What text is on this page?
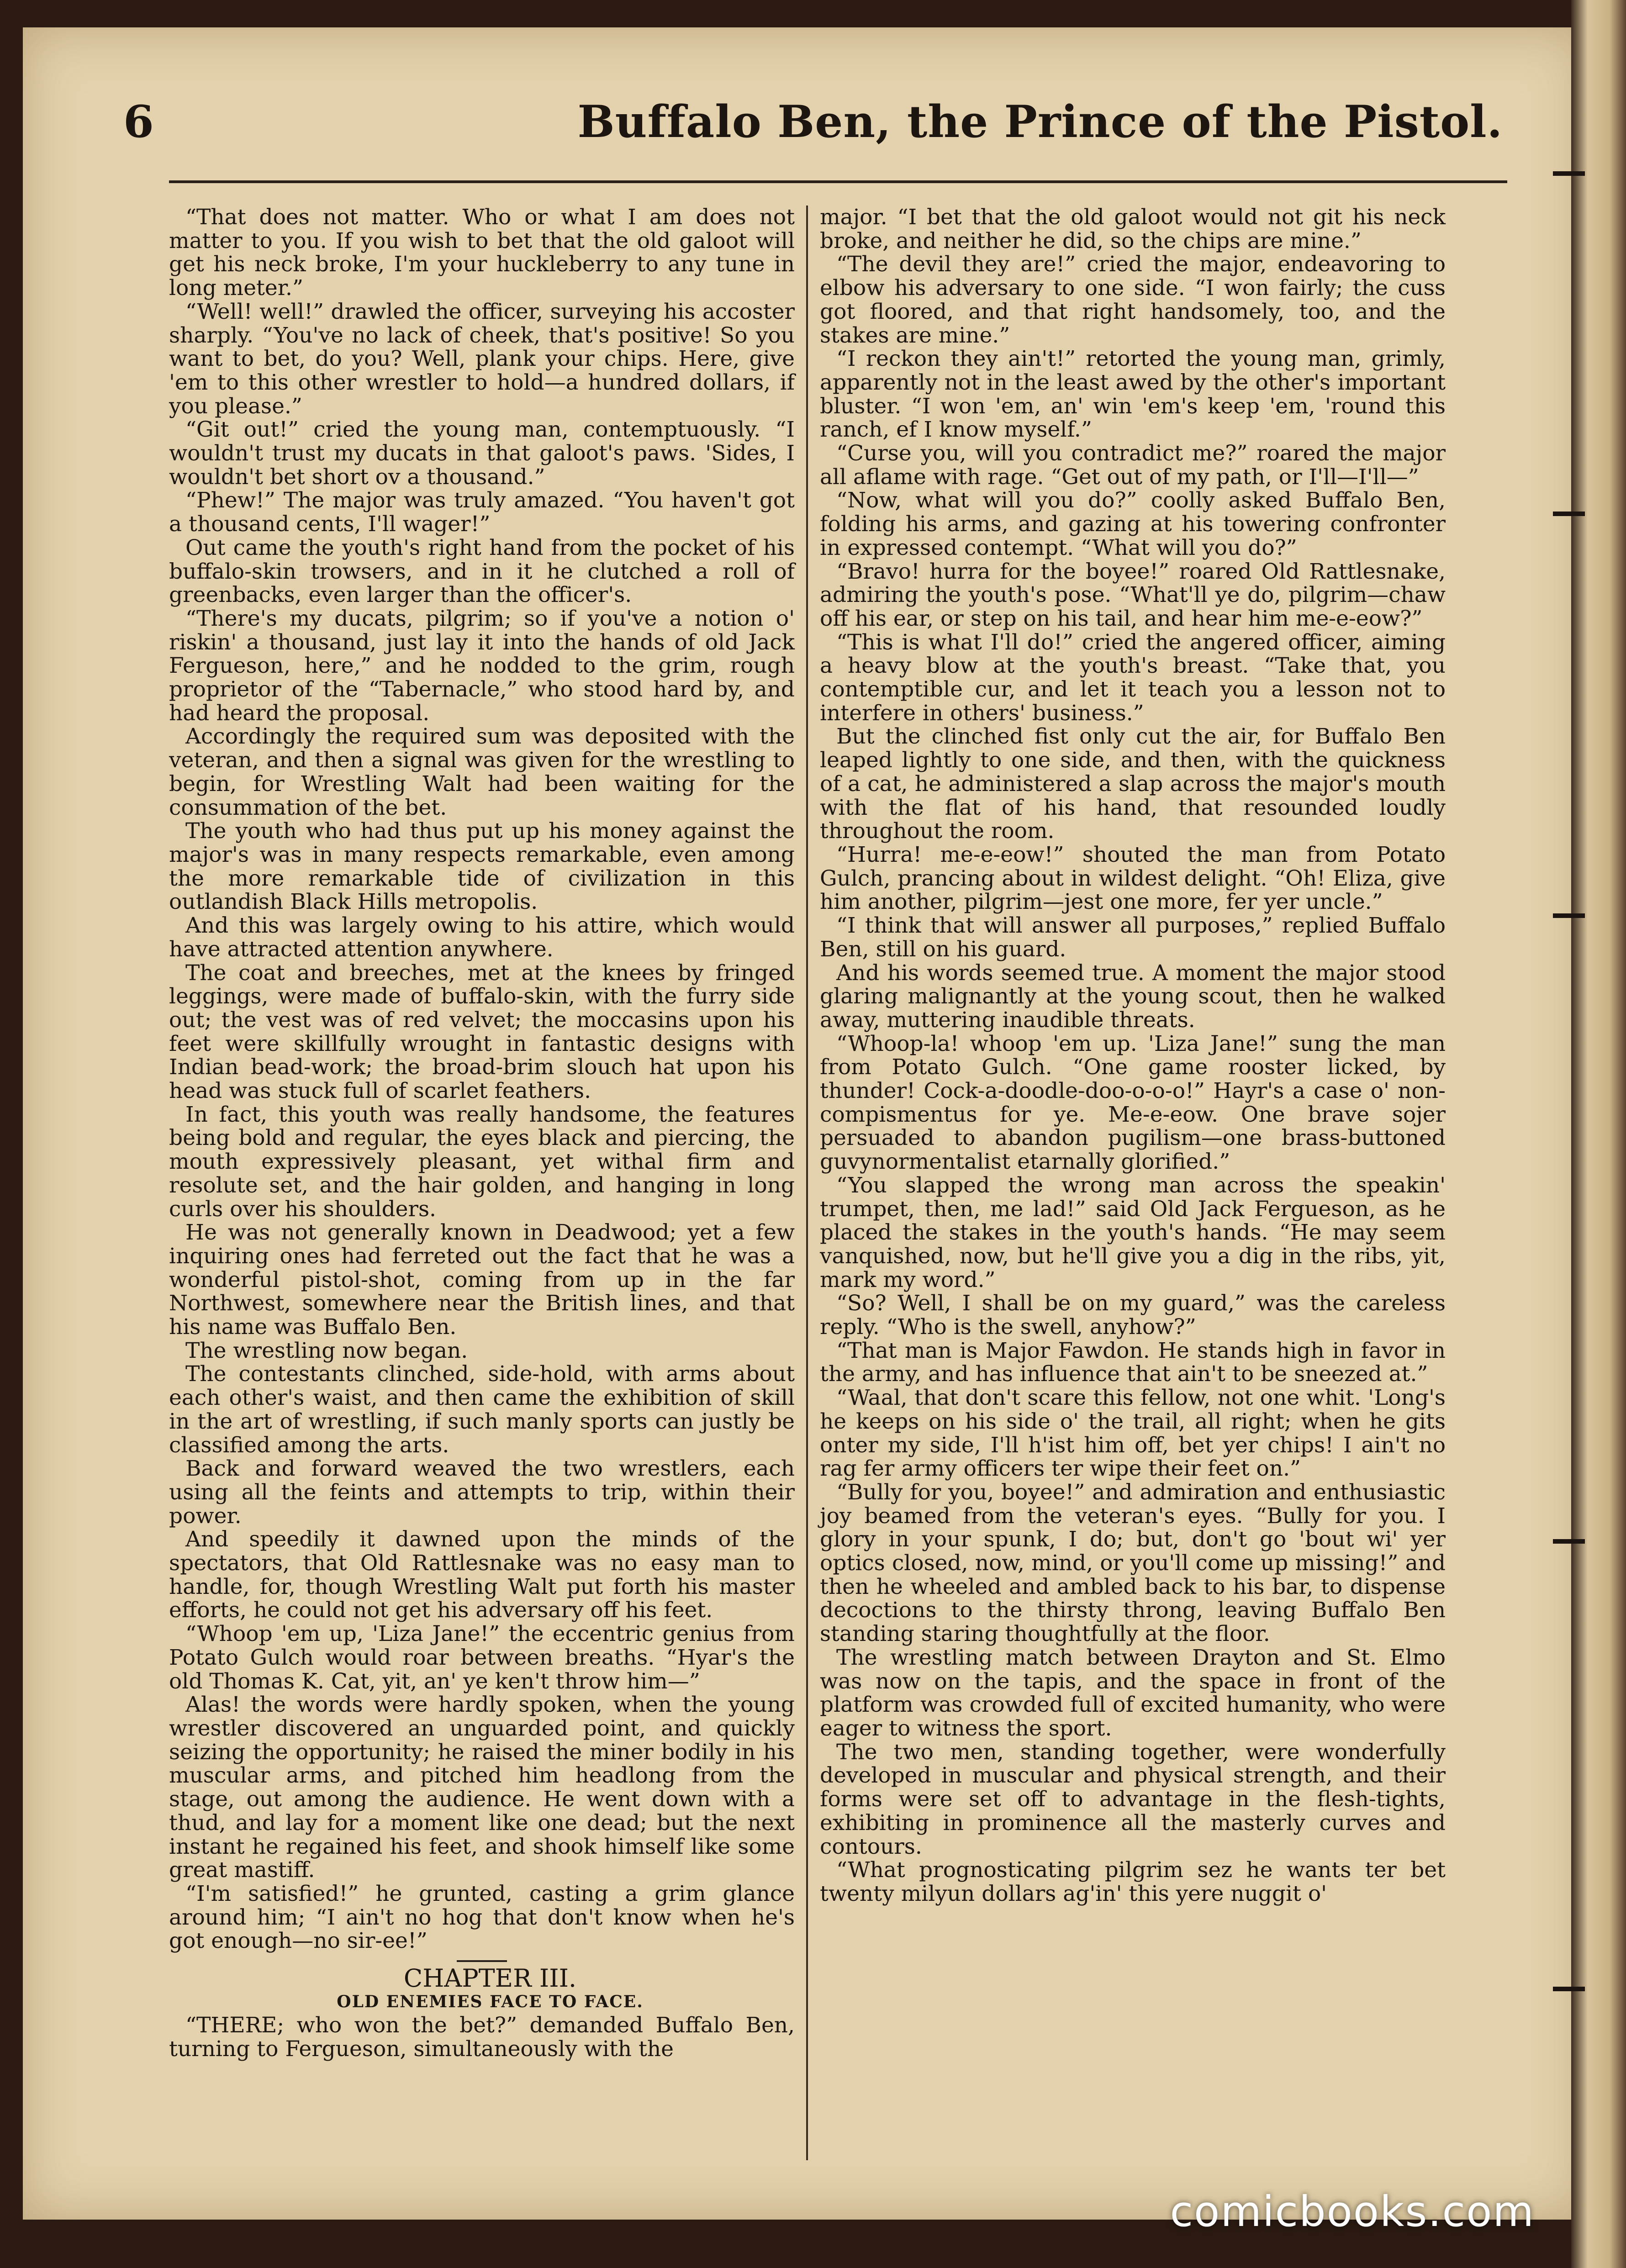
6	Buffalo Ben, the Prince of the Pistol.

“That does not matter. Who or what I am does not matter to you. If you wish to bet that the old galoot will get his neck broke, I'm your huckleberry to any tune in long meter.”

“Well! well!” drawled the officer, surveying his accoster sharply. “You've no lack of cheek, that's positive! So you want to bet, do you? Well, plank your chips. Here, give 'em to this other wrestler to hold—a hundred dollars, if you please.”

“Git out!” cried the young man, contemptuously. “I wouldn't trust my ducats in that galoot's paws. 'Sides, I wouldn't bet short ov a thousand.”

“Phew!” The major was truly amazed. “You haven't got a thousand cents, I'll wager!”

Out came the youth's right hand from the pocket of his buffalo-skin trowsers, and in it he clutched a roll of greenbacks, even larger than the officer's.

“There's my ducats, pilgrim; so if you've a notion o' riskin' a thousand, just lay it into the hands of old Jack Fergueson, here,” and he nodded to the grim, rough proprietor of the “Tabernacle,” who stood hard by, and had heard the proposal.

Accordingly the required sum was deposited with the veteran, and then a signal was given for the wrestling to begin, for Wrestling Walt had been waiting for the consummation of the bet.

The youth who had thus put up his money against the major's was in many respects remarkable, even among the more remarkable tide of civilization in this outlandish Black Hills metropolis.

And this was largely owing to his attire, which would have attracted attention anywhere.

The coat and breeches, met at the knees by fringed leggings, were made of buffalo-skin, with the furry side out; the vest was of red velvet; the moccasins upon his feet were skillfully wrought in fantastic designs with Indian bead-work; the broad-brim slouch hat upon his head was stuck full of scarlet feathers.

In fact, this youth was really handsome, the features being bold and regular, the eyes black and piercing, the mouth expressively pleasant, yet withal firm and resolute set, and the hair golden, and hanging in long curls over his shoulders.

He was not generally known in Deadwood; yet a few inquiring ones had ferreted out the fact that he was a wonderful pistol-shot, coming from up in the far Northwest, somewhere near the British lines, and that his name was Buffalo Ben.

The wrestling now began.

The contestants clinched, side-hold, with arms about each other's waist, and then came the exhibition of skill in the art of wrestling, if such manly sports can justly be classified among the arts.

Back and forward weaved the two wrestlers, each using all the feints and attempts to trip, within their power.

And speedily it dawned upon the minds of the spectators, that Old Rattlesnake was no easy man to handle, for, though Wrestling Walt put forth his master efforts, he could not get his adversary off his feet.

“Whoop 'em up, 'Liza Jane!” the eccentric genius from Potato Gulch would roar between breaths. “Hyar's the old Thomas K. Cat, yit, an' ye ken't throw him—”

Alas! the words were hardly spoken, when the young wrestler discovered an unguarded point, and quickly seizing the opportunity; he raised the miner bodily in his muscular arms, and pitched him headlong from the stage, out among the audience. He went down with a thud, and lay for a moment like one dead; but the next instant he regained his feet, and shook himself like some great mastiff.

“I'm satisfied!” he grunted, casting a grim glance around him; “I ain't no hog that don't know when he's got enough—no sir-ee!”

CHAPTER III.

OLD ENEMIES FACE TO FACE.

“THERE; who won the bet?” demanded Buffalo Ben, turning to Fergueson, simultaneously with the

major. “I bet that the old galoot would not git his neck broke, and neither he did, so the chips are mine.”

“The devil they are!” cried the major, endeavoring to elbow his adversary to one side. “I won fairly; the cuss got floored, and that right handsomely, too, and the stakes are mine.”

“I reckon they ain't!” retorted the young man, grimly, apparently not in the least awed by the other's important bluster. “I won 'em, an' win 'em's keep 'em, 'round this ranch, ef I know myself.”

“Curse you, will you contradict me?” roared the major all aflame with rage. “Get out of my path, or I'll—I'll—”

“Now, what will you do?” coolly asked Buffalo Ben, folding his arms, and gazing at his towering confronter in expressed contempt. “What will you do?”

“Bravo! hurra for the boyee!” roared Old Rattlesnake, admiring the youth's pose. “What'll ye do, pilgrim—chaw off his ear, or step on his tail, and hear him me-e-eow?”

“This is what I'll do!” cried the angered officer, aiming a heavy blow at the youth's breast. “Take that, you contemptible cur, and let it teach you a lesson not to interfere in others' business.”

But the clinched fist only cut the air, for Buffalo Ben leaped lightly to one side, and then, with the quickness of a cat, he administered a slap across the major's mouth with the flat of his hand, that resounded loudly throughout the room.

“Hurra! me-e-eow!” shouted the man from Potato Gulch, prancing about in wildest delight. “Oh! Eliza, give him another, pilgrim—jest one more, fer yer uncle.”

“I think that will answer all purposes,” replied Buffalo Ben, still on his guard.

And his words seemed true. A moment the major stood glaring malignantly at the young scout, then he walked away, muttering inaudible threats.

“Whoop-la! whoop 'em up. 'Liza Jane!” sung the man from Potato Gulch. “One game rooster licked, by thunder! Cock-a-doodle-doo-o-o-o!” Hayr's a case o' non-compismentus for ye. Me-e-eow. One brave sojer persuaded to abandon pugilism—one brass-buttoned guvynormentalist etarnally glorified.”

“You slapped the wrong man across the speakin' trumpet, then, me lad!” said Old Jack Fergueson, as he placed the stakes in the youth's hands. “He may seem vanquished, now, but he'll give you a dig in the ribs, yit, mark my word.”

“So? Well, I shall be on my guard,” was the careless reply. “Who is the swell, anyhow?”

“That man is Major Fawdon. He stands high in favor in the army, and has influence that ain't to be sneezed at.”

“Waal, that don't scare this fellow, not one whit. 'Long's he keeps on his side o' the trail, all right; when he gits onter my side, I'll h'ist him off, bet yer chips! I ain't no rag fer army officers ter wipe their feet on.”

“Bully for you, boyee!” and admiration and enthusiastic joy beamed from the veteran's eyes. “Bully for you. I glory in your spunk, I do; but, don't go 'bout wi' yer optics closed, now, mind, or you'll come up missing!” and then he wheeled and ambled back to his bar, to dispense decoctions to the thirsty throng, leaving Buffalo Ben standing staring thoughtfully at the floor.

The wrestling match between Drayton and St. Elmo was now on the tapis, and the space in front of the platform was crowded full of excited humanity, who were eager to witness the sport.

The two men, standing together, were wonderfully developed in muscular and physical strength, and their forms were set off to advantage in the flesh-tights, exhibiting in prominence all the masterly curves and contours.

“What prognosticating pilgrim sez he wants ter bet twenty milyun dollars ag'in' this yere nuggit o'

comicbooks.com
